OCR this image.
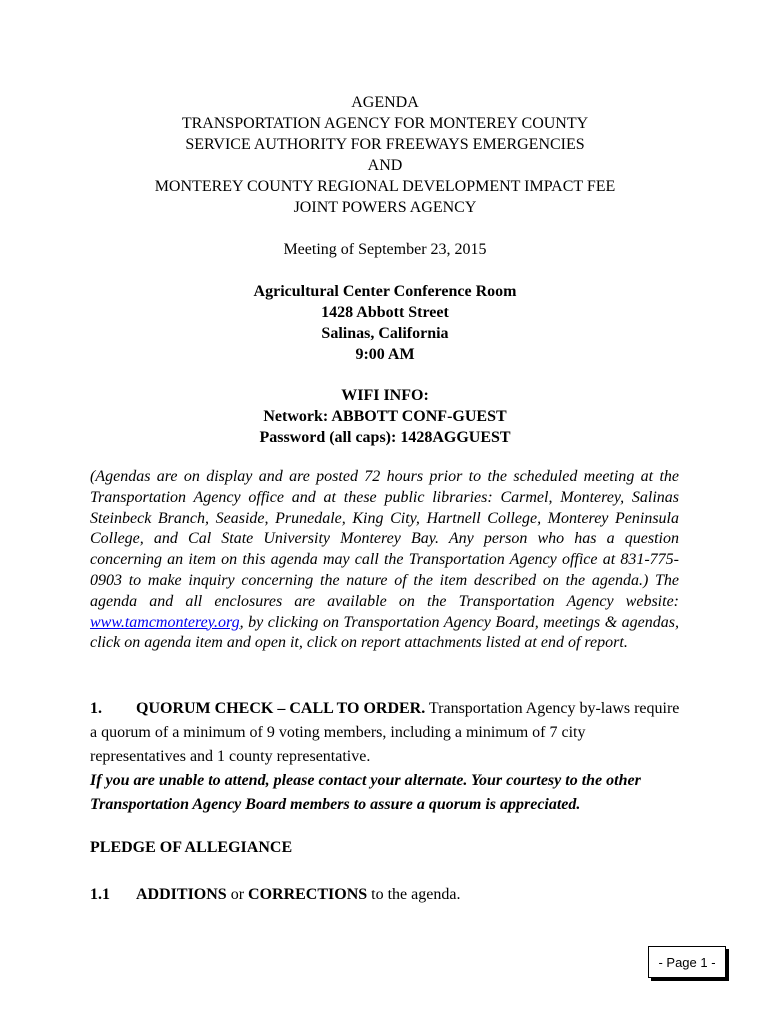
AGENDA
TRANSPORTATION AGENCY FOR MONTEREY COUNTY
SERVICE AUTHORITY FOR FREEWAYS EMERGENCIES
AND
MONTEREY COUNTY REGIONAL DEVELOPMENT IMPACT FEE
JOINT POWERS AGENCY
Meeting of September 23, 2015
Agricultural Center Conference Room
1428 Abbott Street
Salinas, California
9:00 AM
WIFI INFO:
Network: ABBOTT CONF-GUEST
Password (all caps): 1428AGGUEST
(Agendas are on display and are posted 72 hours prior to the scheduled meeting at the Transportation Agency office and at these public libraries: Carmel, Monterey, Salinas Steinbeck Branch, Seaside, Prunedale, King City, Hartnell College, Monterey Peninsula College, and Cal State University Monterey Bay. Any person who has a question concerning an item on this agenda may call the Transportation Agency office at 831-775-0903 to make inquiry concerning the nature of the item described on the agenda.) The agenda and all enclosures are available on the Transportation Agency website: www.tamcmonterey.org, by clicking on Transportation Agency Board, meetings & agendas, click on agenda item and open it, click on report attachments listed at end of report.
1. QUORUM CHECK – CALL TO ORDER. Transportation Agency by-laws require a quorum of a minimum of 9 voting members, including a minimum of 7 city representatives and 1 county representative.
If you are unable to attend, please contact your alternate. Your courtesy to the other Transportation Agency Board members to assure a quorum is appreciated.
PLEDGE OF ALLEGIANCE
1.1 ADDITIONS or CORRECTIONS to the agenda.
- Page 1 -
